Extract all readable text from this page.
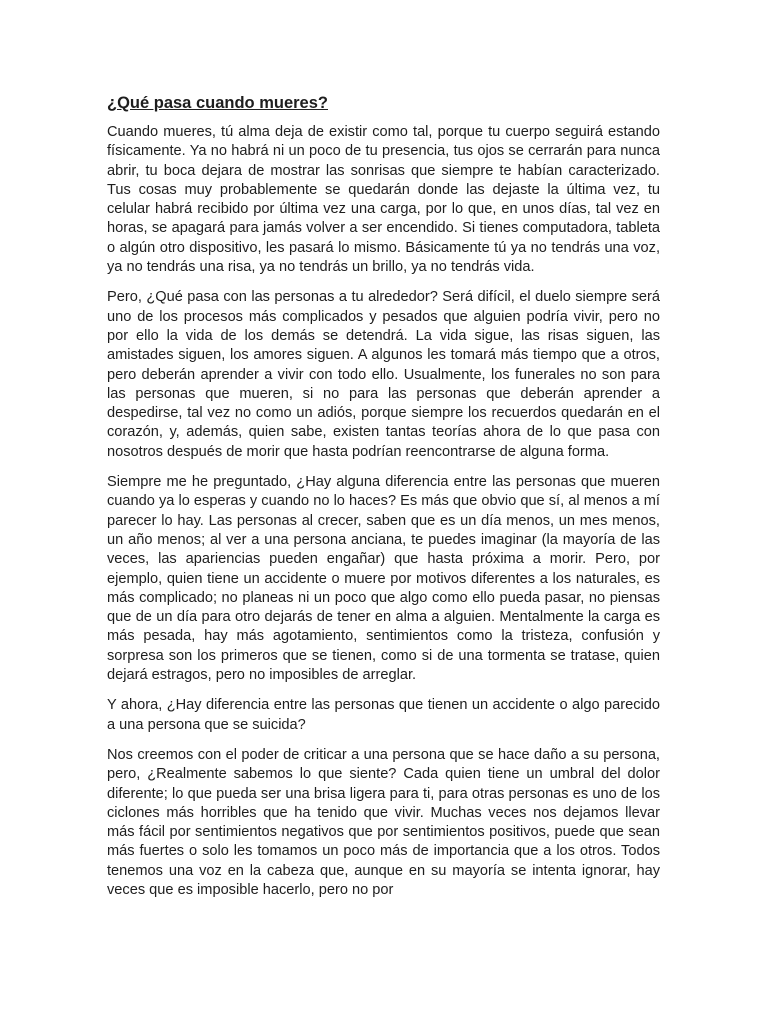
¿Qué pasa cuando mueres?

Cuando mueres, tú alma deja de existir como tal, porque tu cuerpo seguirá estando físicamente. Ya no habrá ni un poco de tu presencia, tus ojos se cerrarán para nunca abrir, tu boca dejara de mostrar las sonrisas que siempre te habían caracterizado. Tus cosas muy probablemente se quedarán donde las dejaste la última vez, tu celular habrá recibido por última vez una carga, por lo que, en unos días, tal vez en horas, se apagará para jamás volver a ser encendido. Si tienes computadora, tableta o algún otro dispositivo, les pasará lo mismo. Básicamente tú ya no tendrás una voz, ya no tendrás una risa, ya no tendrás un brillo, ya no tendrás vida.

Pero, ¿Qué pasa con las personas a tu alrededor? Será difícil, el duelo siempre será uno de los procesos más complicados y pesados que alguien podría vivir, pero no por ello la vida de los demás se detendrá. La vida sigue, las risas siguen, las amistades siguen, los amores siguen. A algunos les tomará más tiempo que a otros, pero deberán aprender a vivir con todo ello. Usualmente, los funerales no son para las personas que mueren, si no para las personas que deberán aprender a despedirse, tal vez no como un adiós, porque siempre los recuerdos quedarán en el corazón, y, además, quien sabe, existen tantas teorías ahora de lo que pasa con nosotros después de morir que hasta podrían reencontrarse de alguna forma.

Siempre me he preguntado, ¿Hay alguna diferencia entre las personas que mueren cuando ya lo esperas y cuando no lo haces? Es más que obvio que sí, al menos a mí parecer lo hay. Las personas al crecer, saben que es un día menos, un mes menos, un año menos; al ver a una persona anciana, te puedes imaginar (la mayoría de las veces, las apariencias pueden engañar) que hasta próxima a morir. Pero, por ejemplo, quien tiene un accidente o muere por motivos diferentes a los naturales, es más complicado; no planeas ni un poco que algo como ello pueda pasar, no piensas que de un día para otro dejarás de tener en alma a alguien. Mentalmente la carga es más pesada, hay más agotamiento, sentimientos como la tristeza, confusión y sorpresa son los primeros que se tienen, como si de una tormenta se tratase, quien dejará estragos, pero no imposibles de arreglar.

Y ahora, ¿Hay diferencia entre las personas que tienen un accidente o algo parecido a una persona que se suicida?

Nos creemos con el poder de criticar a una persona que se hace daño a su persona, pero, ¿Realmente sabemos lo que siente? Cada quien tiene un umbral del dolor diferente; lo que pueda ser una brisa ligera para ti, para otras personas es uno de los ciclones más horribles que ha tenido que vivir. Muchas veces nos dejamos llevar más fácil por sentimientos negativos que por sentimientos positivos, puede que sean más fuertes o solo les tomamos un poco más de importancia que a los otros. Todos tenemos una voz en la cabeza que, aunque en su mayoría se intenta ignorar, hay veces que es imposible hacerlo, pero no por
